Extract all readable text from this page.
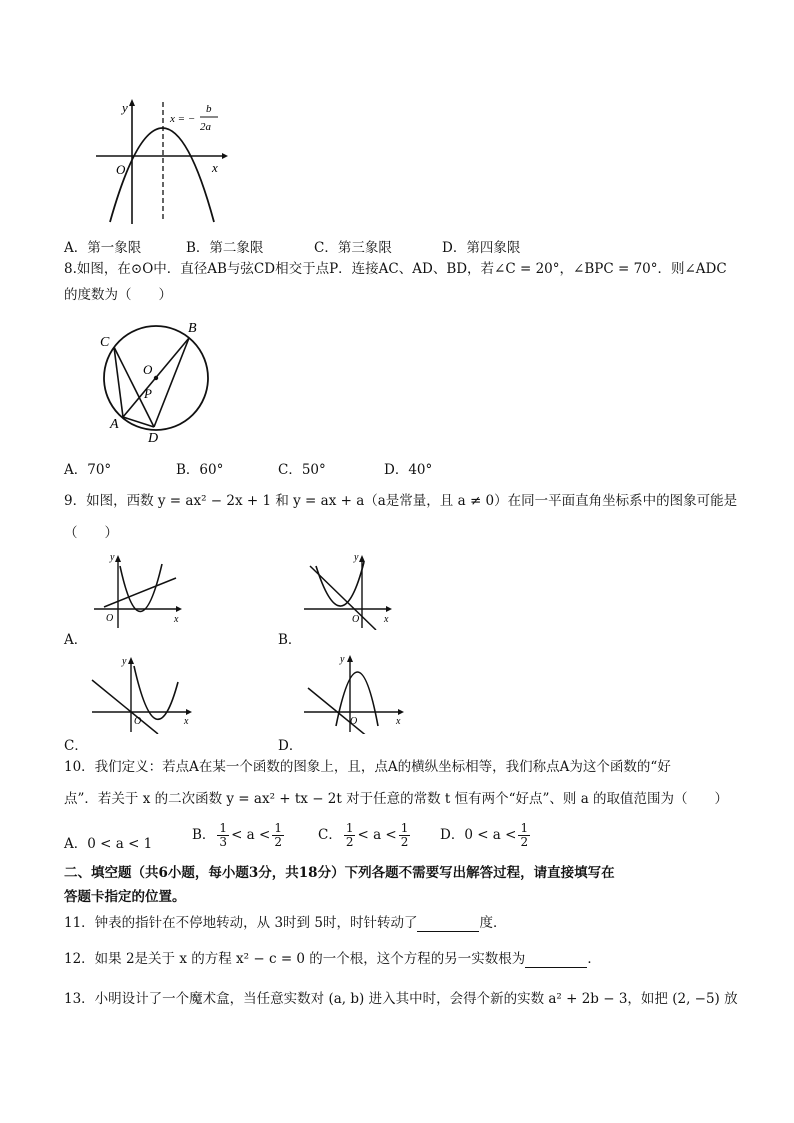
y
x
O
x = −
b
2a
A．第一象限	B．第二象限	C．第三象限	D．第四象限
8.如图，在⊙O中．直径AB与弦CD相交于点P．连接AC、AD、BD，若∠C = 20°，∠BPC = 70°．则∠ADC
的度数为（　　）
C
B
O
P
A
D
A．70°	B．60°	C．50°	D．40°
9．如图，西数 y = ax² − 2x + 1 和 y = ax + a（a是常量，且 a ≠ 0）在同一平面直角坐标系中的图象可能是
（　　）
y
x
O
A．
y
x
O
B．
y
x
O
C．
y
x
O
D．
10．我们定义：若点A在某一个函数的图象上，且，点A的横纵坐标相等，我们称点A为这个函数的“好
点”．若关于 x 的二次函数 y = ax² + tx − 2t 对于任意的常数 t 恒有两个“好点”、则 a 的取值范围为（　　）
A．0 < a < 1
B． $\frac{1}{3} < a < \frac{1}{2}$	C． $\frac{1}{2} < a < \frac{1}{2}$ D．$0 < a < \frac{1}{2}$
二、填空题（共6小题，每小题3分，共18分）下列各题不需要写出解答过程，请直接填写在
答题卡指定的位置。
11．钟表的指针在不停地转动，从 3时到 5时，时针转动了	度．
12．如果 2是关于 x 的方程 x² − c = 0 的一个根，这个方程的另一实数根为	．
13．小明设计了一个魔术盒，当任意实数对 (a, b) 进入其中时，会得个新的实数 a² + 2b − 3，如把 (2, −5) 放
